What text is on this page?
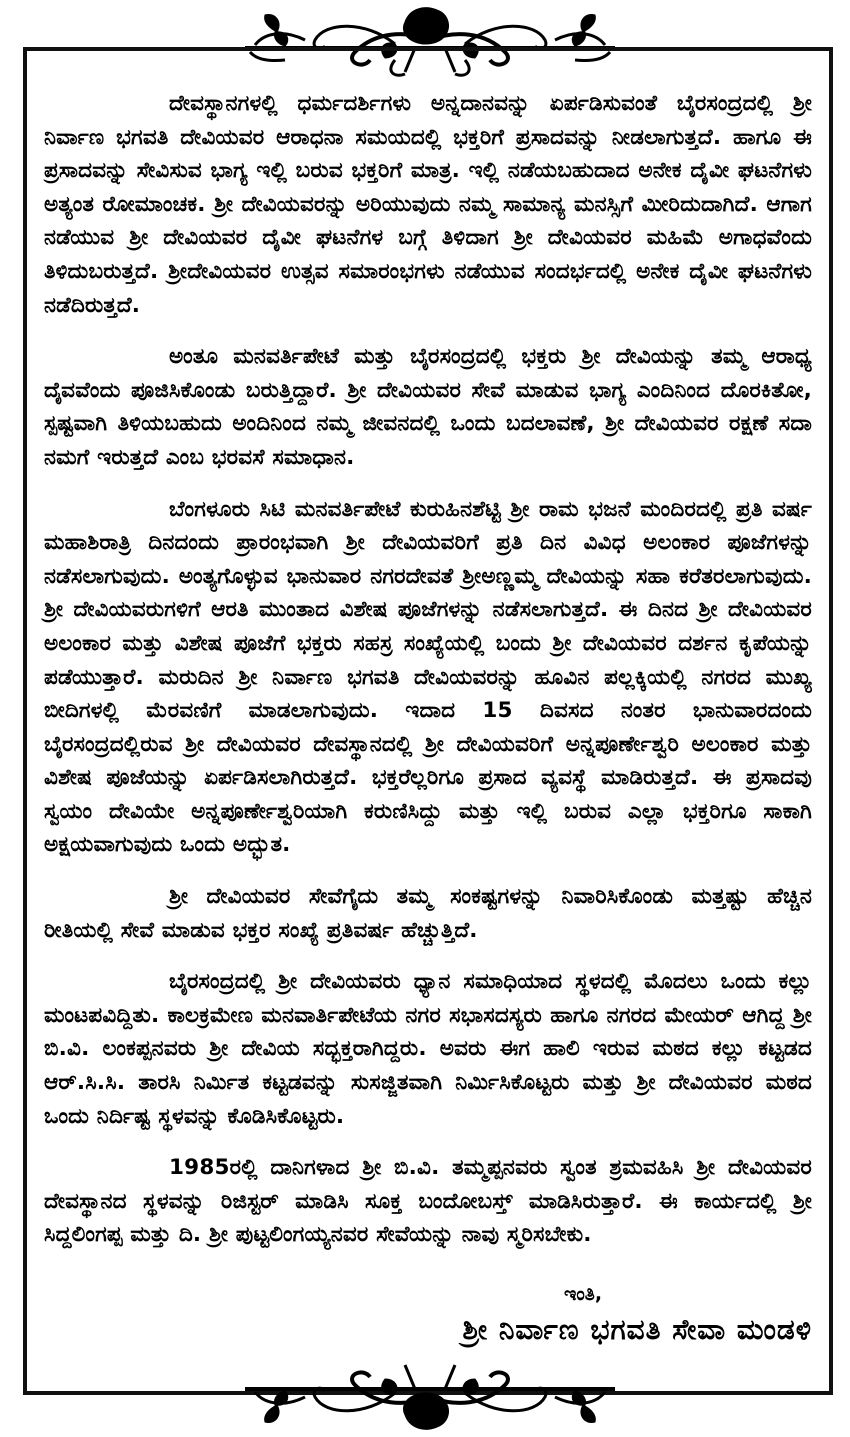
ದೇವಸ್ಥಾನಗಳಲ್ಲಿ ಧರ್ಮದರ್ಶಿಗಳು ಅನ್ನದಾನವನ್ನು ಏರ್ಪಡಿಸುವಂತೆ ಬೈರಸಂದ್ರದಲ್ಲಿ ಶ್ರೀ ನಿರ್ವಾಣ ಭಗವತಿ ದೇವಿಯವರ ಆರಾಧನಾ ಸಮಯದಲ್ಲಿ ಭಕ್ತರಿಗೆ ಪ್ರಸಾದವನ್ನು ನೀಡಲಾಗುತ್ತದೆ. ಹಾಗೂ ಈ ಪ್ರಸಾದವನ್ನು ಸೇವಿಸುವ ಭಾಗ್ಯ ಇಲ್ಲಿ ಬರುವ ಭಕ್ತರಿಗೆ ಮಾತ್ರ. ಇಲ್ಲಿ ನಡೆಯಬಹುದಾದ ಅನೇಕ ದೈವೀ ಘಟನೆಗಳು ಅತ್ಯಂತ ರೋಮಾಂಚಕ. ಶ್ರೀ ದೇವಿಯವರನ್ನು ಅರಿಯುವುದು ನಮ್ಮ ಸಾಮಾನ್ಯ ಮನಸ್ಸಿಗೆ ಮೀರಿದುದಾಗಿದೆ. ಆಗಾಗ ನಡೆಯುವ ಶ್ರೀ ದೇವಿಯವರ ದೈವೀ ಘಟನೆಗಳ ಬಗ್ಗೆ ತಿಳಿದಾಗ ಶ್ರೀ ದೇವಿಯವರ ಮಹಿಮೆ ಅಗಾಧವೆಂದು ತಿಳಿದುಬರುತ್ತದೆ. ಶ್ರೀದೇವಿಯವರ ಉತ್ಸವ ಸಮಾರಂಭಗಳು ನಡೆಯುವ ಸಂದರ್ಭದಲ್ಲಿ ಅನೇಕ ದೈವೀ ಘಟನೆಗಳು ನಡೆದಿರುತ್ತದೆ.

ಅಂತೂ ಮನವರ್ತಿಪೇಟೆ ಮತ್ತು ಬೈರಸಂದ್ರದಲ್ಲಿ ಭಕ್ತರು ಶ್ರೀ ದೇವಿಯನ್ನು ತಮ್ಮ ಆರಾಧ್ಯ ದೈವವೆಂದು ಪೂಜಿಸಿಕೊಂಡು ಬರುತ್ತಿದ್ದಾರೆ. ಶ್ರೀ ದೇವಿಯವರ ಸೇವೆ ಮಾಡುವ ಭಾಗ್ಯ ಎಂದಿನಿಂದ ದೊರಕಿತೋ, ಸ್ಪಷ್ಟವಾಗಿ ತಿಳಿಯಬಹುದು ಅಂದಿನಿಂದ ನಮ್ಮ ಜೀವನದಲ್ಲಿ ಒಂದು ಬದಲಾವಣೆ, ಶ್ರೀ ದೇವಿಯವರ ರಕ್ಷಣೆ ಸದಾ ನಮಗೆ ಇರುತ್ತದೆ ಎಂಬ ಭರವಸೆ ಸಮಾಧಾನ.

ಬೆಂಗಳೂರು ಸಿಟಿ ಮನವರ್ತಿಪೇಟೆ ಕುರುಹಿನಶೆಟ್ಟಿ ಶ್ರೀ ರಾಮ ಭಜನೆ ಮಂದಿರದಲ್ಲಿ ಪ್ರತಿ ವರ್ಷ ಮಹಾಶಿರಾತ್ರಿ ದಿನದಂದು ಪ್ರಾರಂಭವಾಗಿ ಶ್ರೀ ದೇವಿಯವರಿಗೆ ಪ್ರತಿ ದಿನ ವಿವಿಧ ಅಲಂಕಾರ ಪೂಜೆಗಳನ್ನು ನಡೆಸಲಾಗುವುದು. ಅಂತ್ಯಗೊಳ್ಳುವ ಭಾನುವಾರ ನಗರದೇವತೆ ಶ್ರೀಅಣ್ಣಮ್ಮ ದೇವಿಯನ್ನು ಸಹಾ ಕರೆತರಲಾಗುವುದು. ಶ್ರೀ ದೇವಿಯವರುಗಳಿಗೆ ಆರತಿ ಮುಂತಾದ ವಿಶೇಷ ಪೂಜೆಗಳನ್ನು ನಡೆಸಲಾಗುತ್ತದೆ. ಈ ದಿನದ ಶ್ರೀ ದೇವಿಯವರ ಅಲಂಕಾರ ಮತ್ತು ವಿಶೇಷ ಪೂಜೆಗೆ ಭಕ್ತರು ಸಹಸ್ರ ಸಂಖ್ಯೆಯಲ್ಲಿ ಬಂದು ಶ್ರೀ ದೇವಿಯವರ ದರ್ಶನ ಕೃಪೆಯನ್ನು ಪಡೆಯುತ್ತಾರೆ. ಮರುದಿನ ಶ್ರೀ ನಿರ್ವಾಣ ಭಗವತಿ ದೇವಿಯವರನ್ನು ಹೂವಿನ ಪಲ್ಲಕ್ಕಿಯಲ್ಲಿ ನಗರದ ಮುಖ್ಯ ಬೀದಿಗಳಲ್ಲಿ ಮೆರವಣಿಗೆ ಮಾಡಲಾಗುವುದು. ಇದಾದ 15 ದಿವಸದ ನಂತರ ಭಾನುವಾರದಂದು ಬೈರಸಂದ್ರದಲ್ಲಿರುವ ಶ್ರೀ ದೇವಿಯವರ ದೇವಸ್ಥಾನದಲ್ಲಿ ಶ್ರೀ ದೇವಿಯವರಿಗೆ ಅನ್ನಪೂರ್ಣೇಶ್ವರಿ ಅಲಂಕಾರ ಮತ್ತು ವಿಶೇಷ ಪೂಜೆಯನ್ನು ಏರ್ಪಡಿಸಲಾಗಿರುತ್ತದೆ. ಭಕ್ತರೆಲ್ಲರಿಗೂ ಪ್ರಸಾದ ವ್ಯವಸ್ಥೆ ಮಾಡಿರುತ್ತದೆ. ಈ ಪ್ರಸಾದವು ಸ್ವಯಂ ದೇವಿಯೇ ಅನ್ನಪೂರ್ಣೇಶ್ವರಿಯಾಗಿ ಕರುಣಿಸಿದ್ದು ಮತ್ತು ಇಲ್ಲಿ ಬರುವ ಎಲ್ಲಾ ಭಕ್ತರಿಗೂ ಸಾಕಾಗಿ ಅಕ್ಷಯವಾಗುವುದು ಒಂದು ಅದ್ಭುತ.

ಶ್ರೀ ದೇವಿಯವರ ಸೇವೆಗೈದು ತಮ್ಮ ಸಂಕಷ್ಟಗಳನ್ನು ನಿವಾರಿಸಿಕೊಂಡು ಮತ್ತಷ್ಟು ಹೆಚ್ಚಿನ ರೀತಿಯಲ್ಲಿ ಸೇವೆ ಮಾಡುವ ಭಕ್ತರ ಸಂಖ್ಯೆ ಪ್ರತಿವರ್ಷ ಹೆಚ್ಚುತ್ತಿದೆ.

ಬೈರಸಂದ್ರದಲ್ಲಿ ಶ್ರೀ ದೇವಿಯವರು ಧ್ಯಾನ ಸಮಾಧಿಯಾದ ಸ್ಥಳದಲ್ಲಿ ಮೊದಲು ಒಂದು ಕಲ್ಲು ಮಂಟಪವಿದ್ದಿತು. ಕಾಲಕ್ರಮೇಣ ಮನವಾರ್ತಿಪೇಟೆಯ ನಗರ ಸಭಾಸದಸ್ಯರು ಹಾಗೂ ನಗರದ ಮೇಯರ್ ಆಗಿದ್ದ ಶ್ರೀ ಬಿ.ವಿ. ಲಂಕಪ್ಪನವರು ಶ್ರೀ ದೇವಿಯ ಸದ್ಭಕ್ತರಾಗಿದ್ದರು. ಅವರು ಈಗ ಹಾಲಿ ಇರುವ ಮಠದ ಕಲ್ಲು ಕಟ್ಟಡದ ಆರ್.ಸಿ.ಸಿ. ತಾರಸಿ ನಿರ್ಮಿತ ಕಟ್ಟಡವನ್ನು ಸುಸಜ್ಜಿತವಾಗಿ ನಿರ್ಮಿಸಿಕೊಟ್ಟರು ಮತ್ತು ಶ್ರೀ ದೇವಿಯವರ ಮಠದ ಒಂದು ನಿರ್ದಿಷ್ಟ ಸ್ಥಳವನ್ನು ಕೊಡಿಸಿಕೊಟ್ಟರು.

1985ರಲ್ಲಿ ದಾನಿಗಳಾದ ಶ್ರೀ ಬಿ.ವಿ. ತಮ್ಮಪ್ಪನವರು ಸ್ವಂತ ಶ್ರಮವಹಿಸಿ ಶ್ರೀ ದೇವಿಯವರ ದೇವಸ್ಥಾನದ ಸ್ಥಳವನ್ನು ರಿಜಿಸ್ಟರ್ ಮಾಡಿಸಿ ಸೂಕ್ತ ಬಂದೋಬಸ್ತ್ ಮಾಡಿಸಿರುತ್ತಾರೆ. ಈ ಕಾರ್ಯದಲ್ಲಿ ಶ್ರೀ ಸಿದ್ದಲಿಂಗಪ್ಪ ಮತ್ತು ದಿ. ಶ್ರೀ ಪುಟ್ಟಲಿಂಗಯ್ಯನವರ ಸೇವೆಯನ್ನು ನಾವು ಸ್ಮರಿಸಬೇಕು.

ಇಂತಿ,
ಶ್ರೀ ನಿರ್ವಾಣ ಭಗವತಿ ಸೇವಾ ಮಂಡಳಿ
